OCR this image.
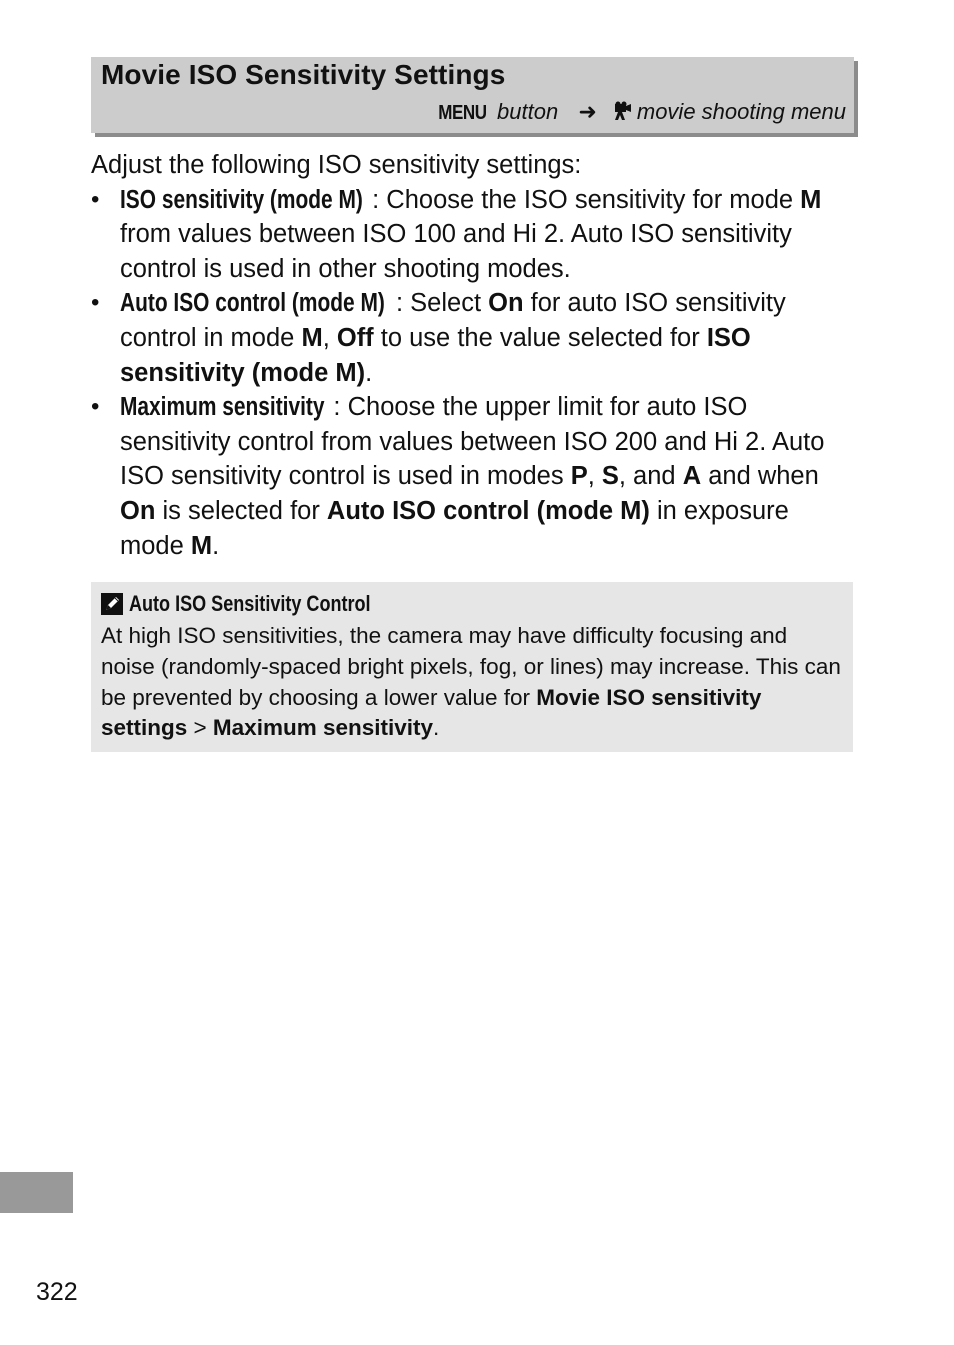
Movie ISO Sensitivity Settings
MENU button ➜ movie shooting menu

Adjust the following ISO sensitivity settings:

• ISO sensitivity (mode M) : Choose the ISO sensitivity for mode M from values between ISO 100 and Hi 2. Auto ISO sensitivity control is used in other shooting modes.
• Auto ISO control (mode M) : Select On for auto ISO sensitivity control in mode M, Off to use the value selected for ISO sensitivity (mode M).
• Maximum sensitivity : Choose the upper limit for auto ISO sensitivity control from values between ISO 200 and Hi 2. Auto ISO sensitivity control is used in modes P, S, and A and when On is selected for Auto ISO control (mode M) in exposure mode M.
Auto ISO Sensitivity Control
At high ISO sensitivities, the camera may have difficulty focusing and noise (randomly-spaced bright pixels, fog, or lines) may increase. This can be prevented by choosing a lower value for Movie ISO sensitivity settings > Maximum sensitivity.
322
